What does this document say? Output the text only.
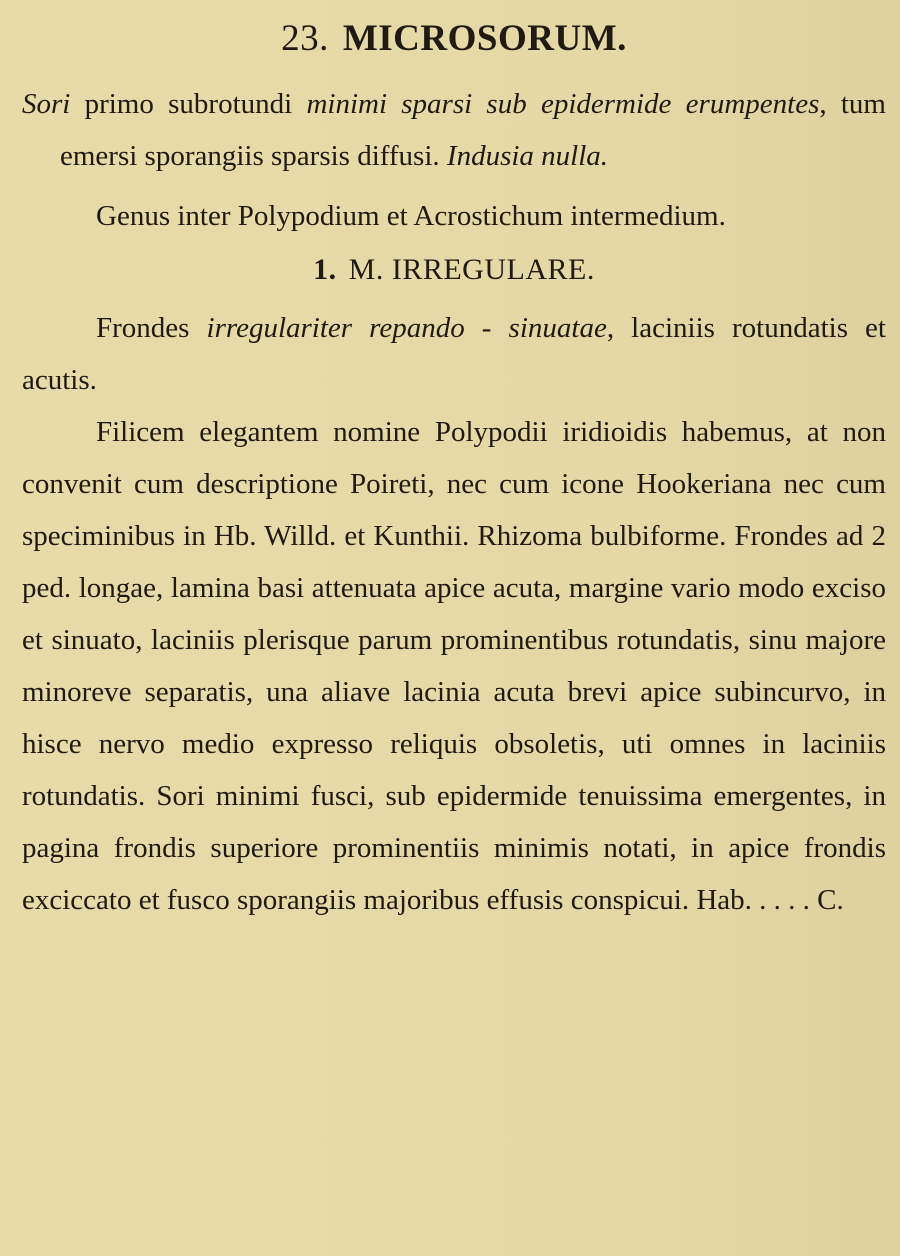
23. MICROSORUM.

Sori primo subrotundi minimi sparsi sub epidermide erumpentes, tum emersi sporangiis sparsis diffusi. Indusia nulla.

Genus inter Polypodium et Acrostichum intermedium.

1. M. IRREGULARE.

Frondes irregulariter repando - sinuatae, laciniis rotundatis et acutis.

Filicem elegantem nomine Polypodii iridioidis habemus, at non convenit cum descriptione Poireti, nec cum icone Hookeriana nec cum speciminibus in Hb. Willd. et Kunthii. Rhizoma bulbiforme. Frondes ad 2 ped. longae, lamina basi attenuata apice acuta, margine vario modo exciso et sinuato, laciniis plerisque parum prominentibus rotundatis, sinu majore minoreve separatis, una aliave lacinia acuta brevi apice subincurvo, in hisce nervo medio expresso reliquis obsoletis, uti omnes in laciniis rotundatis. Sori minimi fusci, sub epidermide tenuissima emergentes, in pagina frondis superiore prominentiis minimis notati, in apice frondis exciccato et fusco sporangiis majoribus effusis conspicui. Hab. . . . . C.
